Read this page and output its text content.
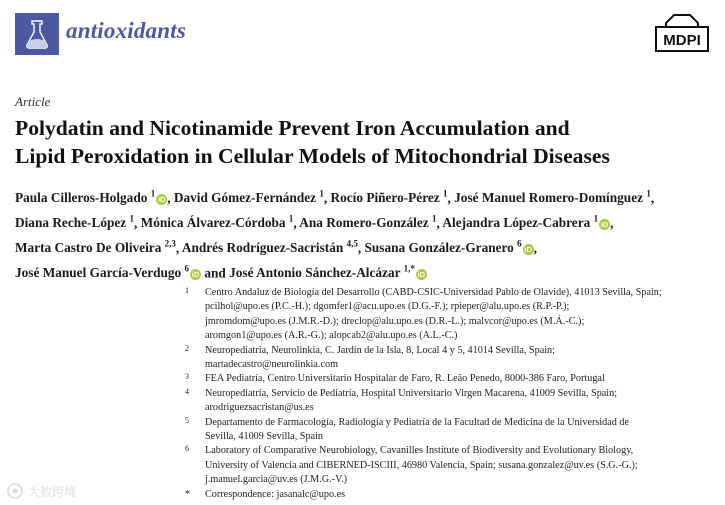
antioxidants	MDPI
Article
Polydatin and Nicotinamide Prevent Iron Accumulation and
Lipid Peroxidation in Cellular Models of Mitochondrial Diseases
Paula Cilleros-Holgado $^1$iD , David Gómez-Fernández $^1$, Rocío Piñero-Pérez $^1$, José Manuel Romero-Domínguez $^1$,
Diana Reche-López $^1$, Mónica Álvarez-Córdoba $^1$, Ana Romero-González $^1$, Alejandra López-Cabrera $^1$iD ,
Marta Castro De Oliveira $^{2,3}$, Andrés Rodríguez-Sacristán $^{4,5}$, Susana González-Granero $^6$iD ,
José Manuel García-Verdugo $^6$iD and José Antonio Sánchez-Alcázar $^{1,*}$iD
1 Centro Andaluz de Biología del Desarrollo (CABD-CSIC-Universidad Pablo de Olavide), 41013 Sevilla, Spain;
pcilhol@upo.es (P.C.-H.); dgomfer1@acu.upo.es (D.G.-F.); rpieper@alu.upo.es (R.P.-P.);
jmromdom@upo.es (J.M.R.-D.); dreclop@alu.upo.es (D.R.-L.); malvcor@upo.es (M.Á.-C.);
aromgon1@upo.es (A.R.-G.); alopcab2@alu.upo.es (A.L.-C.)
2 Neuropediatria, Neurolinkia, C. Jardín de la Isla, 8, Local 4 y 5, 41014 Sevilla, Spain;
martadecastro@neurolinkia.com
3 FEA Pediatría, Centro Universitario Hospitalar de Faro, R. Leão Penedo, 8000-386 Faro, Portugal
4 Neuropediatría, Servicio de Pediatría, Hospital Universitario Virgen Macarena, 41009 Sevilla, Spain;
arodriguezsacristan@us.es
5 Departamento de Farmacología, Radiología y Pediatría de la Facultad de Medicina de la Universidad de
Sevilla, 41009 Sevilla, Spain
6 Laboratory of Comparative Neurobiology, Cavanilles Institute of Biodiversity and Evolutionary Biology,
University of Valencia and CIBERNED-ISCIII, 46980 Valencia, Spain; susana.gonzalez@uv.es (S.G.-G.);
j.manuel.garcia@uv.es (J.M.G.-V.)
* Correspondence: jasanalc@upo.es
大数跨境
